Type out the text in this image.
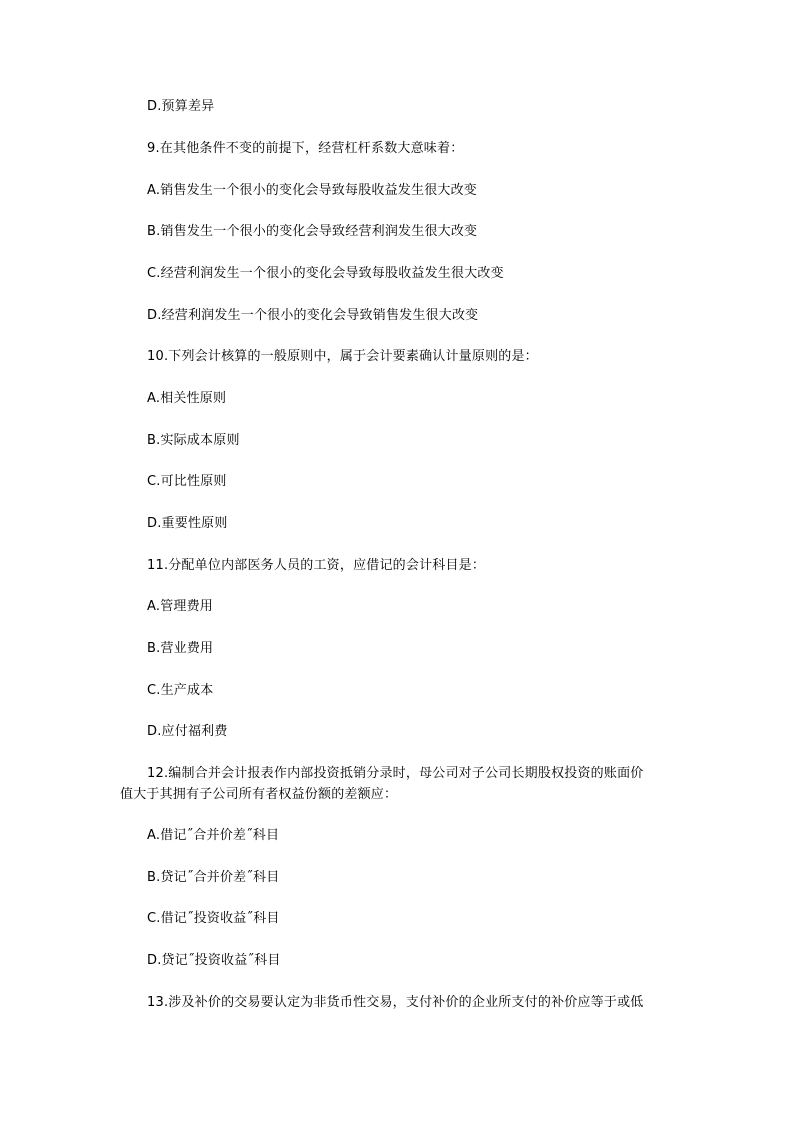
D.预算差异
9.在其他条件不变的前提下，经营杠杆系数大意味着：
A.销售发生一个很小的变化会导致每股收益发生很大改变
B.销售发生一个很小的变化会导致经营利润发生很大改变
C.经营利润发生一个很小的变化会导致每股收益发生很大改变
D.经营利润发生一个很小的变化会导致销售发生很大改变
10.下列会计核算的一般原则中，属于会计要素确认计量原则的是：
A.相关性原则
B.实际成本原则
C.可比性原则
D.重要性原则
11.分配单位内部医务人员的工资，应借记的会计科目是：
A.管理费用
B.营业费用
C.生产成本
D.应付福利费
12.编制合并会计报表作内部投资抵销分录时，母公司对子公司长期股权投资的账面价
值大于其拥有子公司所有者权益份额的差额应：
A.借记˝合并价差˝科目
B.贷记˝合并价差˝科目
C.借记˝投资收益˝科目
D.贷记˝投资收益˝科目
13.涉及补价的交易要认定为非货币性交易，支付补价的企业所支付的补价应等于或低
